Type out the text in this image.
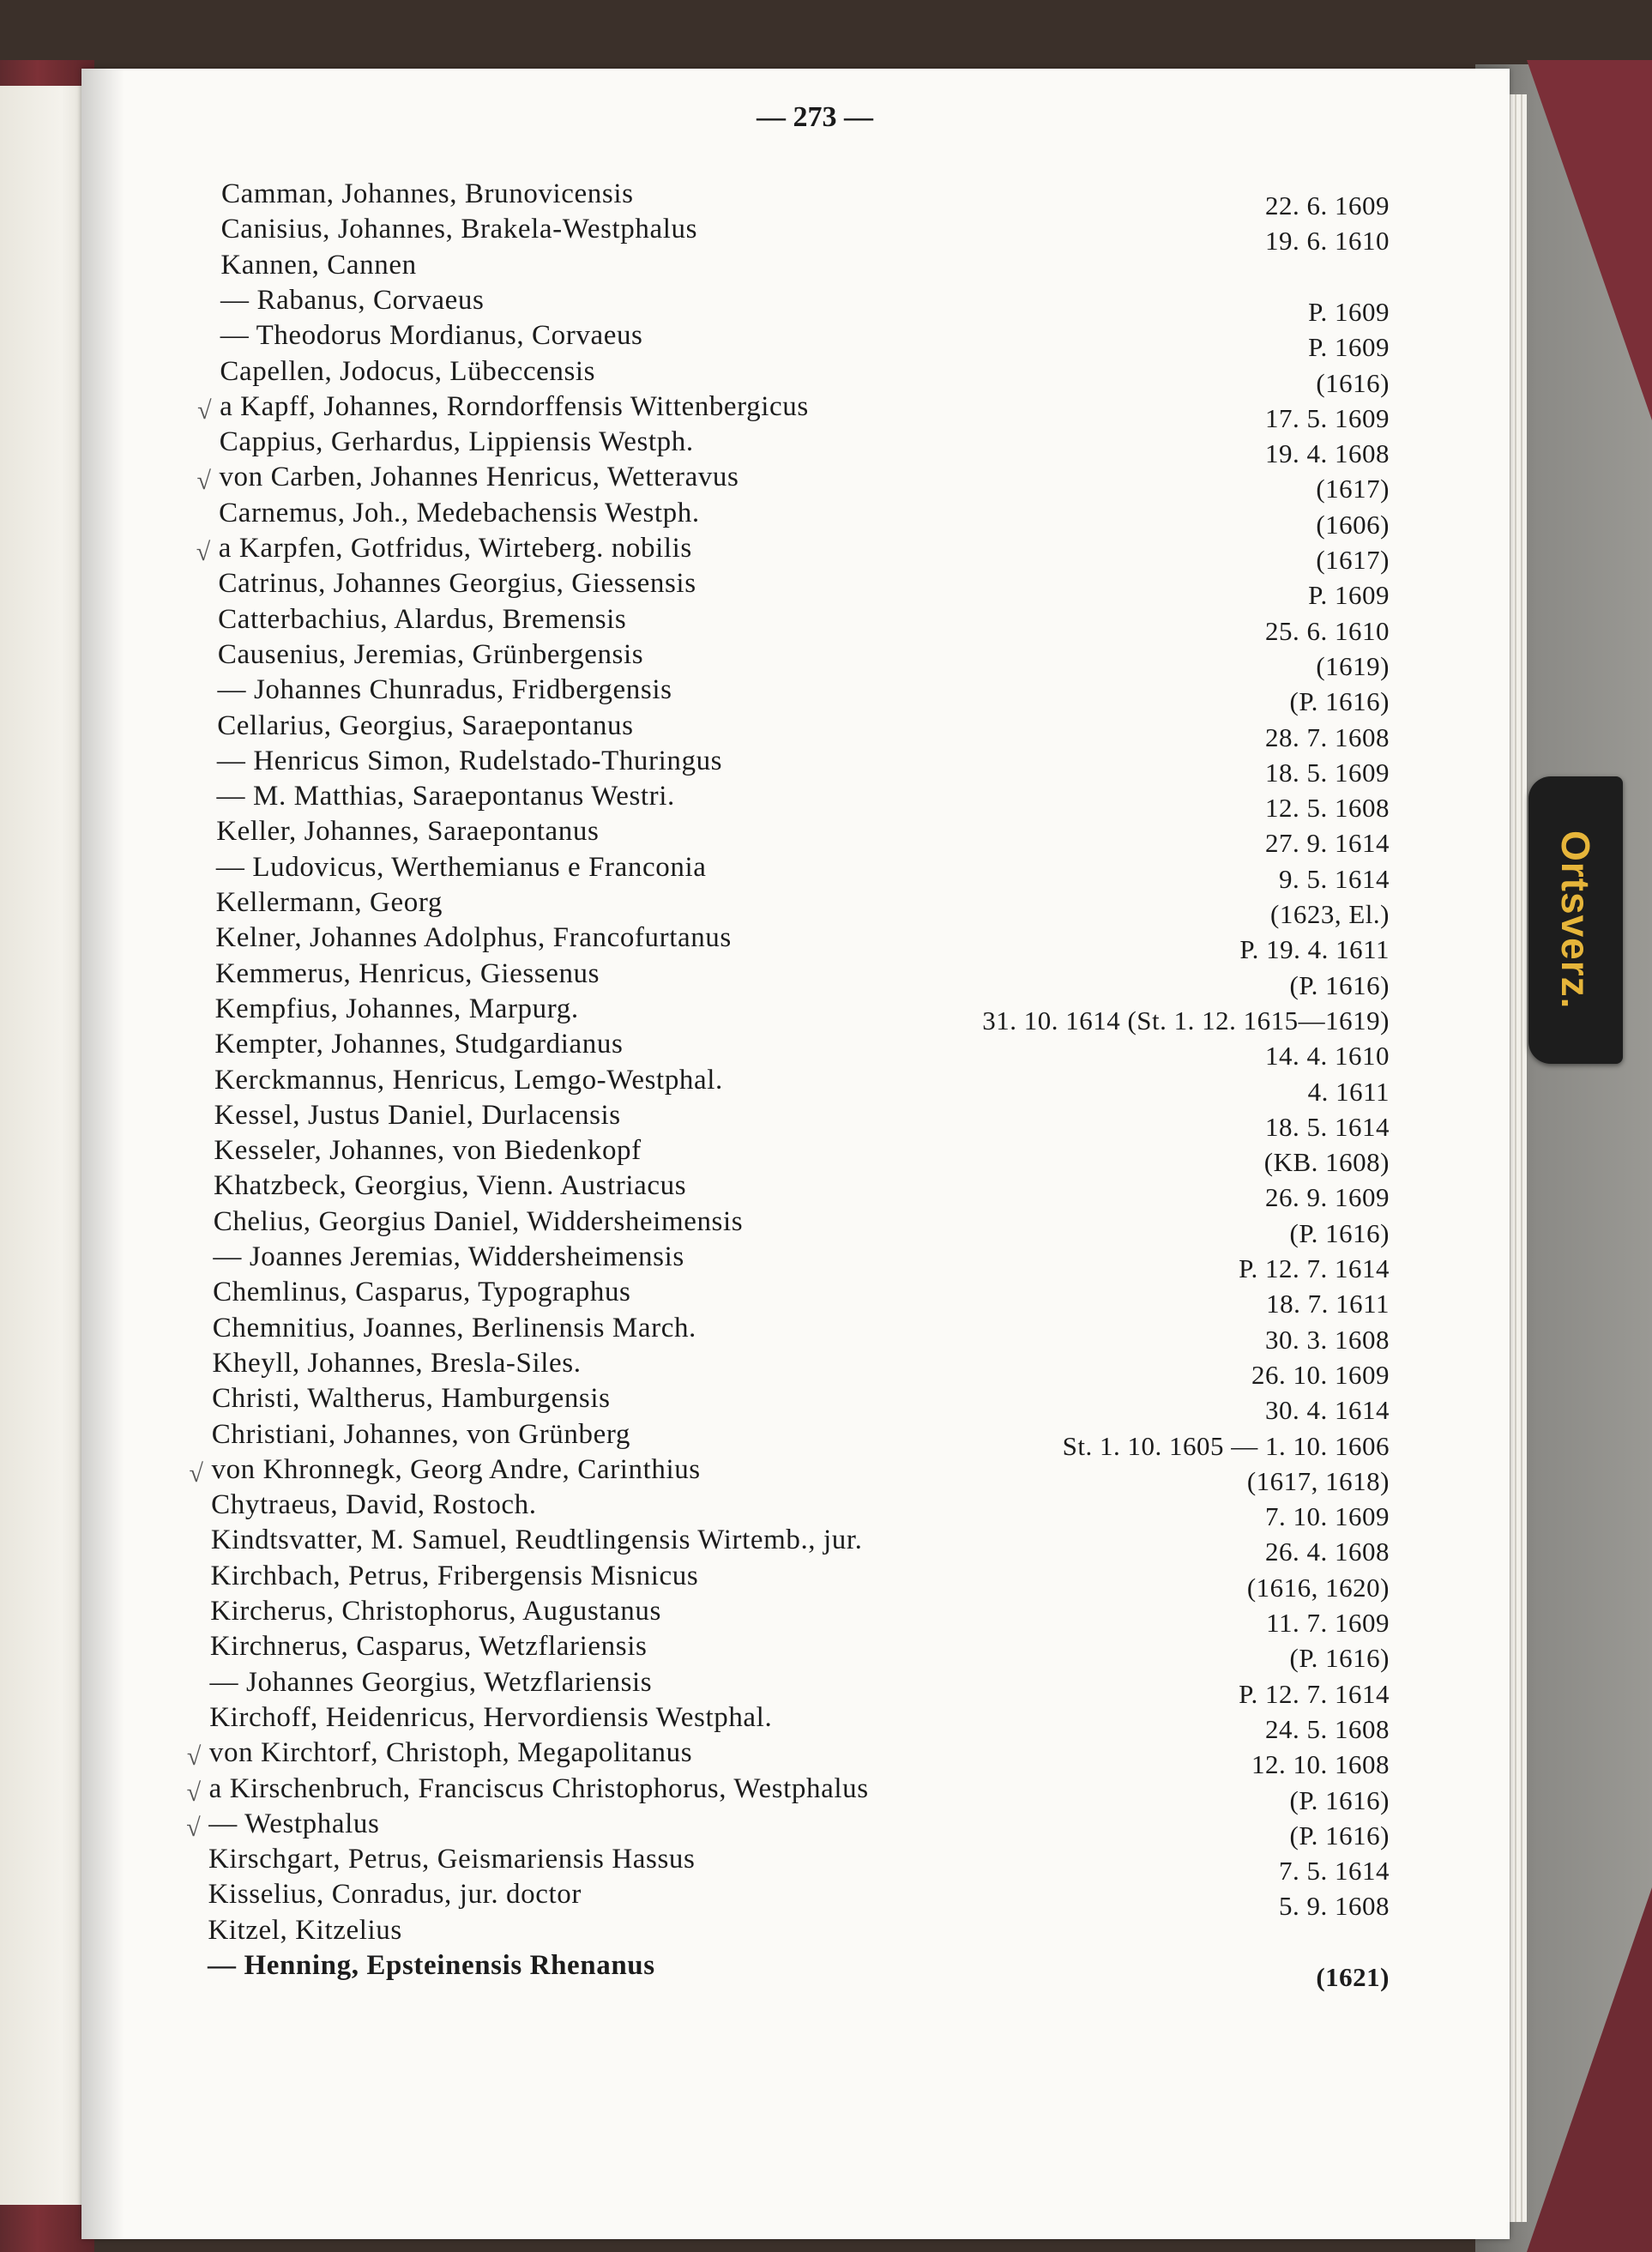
Ortsverz.
— 273 —
Camman, Johannes, Brunovicensis	22. 6. 1609
Canisius, Johannes, Brakela-Westphalus	19. 6. 1610
Kannen, Cannen
— Rabanus, Corvaeus	P. 1609
— Theodorus Mordianus, Corvaeus	P. 1609
Capellen, Jodocus, Lübeccensis	(1616)
√ a Kapff, Johannes, Rorndorffensis Wittenbergicus	17. 5. 1609
Cappius, Gerhardus, Lippiensis Westph.	19. 4. 1608
√ von Carben, Johannes Henricus, Wetteravus	(1617)
Carnemus, Joh., Medebachensis Westph.	(1606)
√ a Karpfen, Gotfridus, Wirteberg. nobilis	(1617)
Catrinus, Johannes Georgius, Giessensis	P. 1609
Catterbachius, Alardus, Bremensis	25. 6. 1610
Causenius, Jeremias, Grünbergensis	(1619)
— Johannes Chunradus, Fridbergensis	(P. 1616)
Cellarius, Georgius, Saraepontanus	28. 7. 1608
— Henricus Simon, Rudelstado-Thuringus	18. 5. 1609
— M. Matthias, Saraepontanus Westri.	12. 5. 1608
Keller, Johannes, Saraepontanus	27. 9. 1614
— Ludovicus, Werthemianus e Franconia	9. 5. 1614
Kellermann, Georg	(1623, El.)
Kelner, Johannes Adolphus, Francofurtanus	P. 19. 4. 1611
Kemmerus, Henricus, Giessenus	(P. 1616)
Kempfius, Johannes, Marpurg.	31. 10. 1614 (St. 1. 12. 1615—1619)
Kempter, Johannes, Studgardianus	14. 4. 1610
Kerckmannus, Henricus, Lemgo-Westphal.	4. 1611
Kessel, Justus Daniel, Durlacensis	18. 5. 1614
Kesseler, Johannes, von Biedenkopf	(KB. 1608)
Khatzbeck, Georgius, Vienn. Austriacus	26. 9. 1609
Chelius, Georgius Daniel, Widdersheimensis	(P. 1616)
— Joannes Jeremias, Widdersheimensis	P. 12. 7. 1614
Chemlinus, Casparus, Typographus	18. 7. 1611
Chemnitius, Joannes, Berlinensis March.	30. 3. 1608
Kheyll, Johannes, Bresla-Siles.	26. 10. 1609
Christi, Waltherus, Hamburgensis	30. 4. 1614
Christiani, Johannes, von Grünberg	St. 1. 10. 1605 — 1. 10. 1606
√ von Khronnegk, Georg Andre, Carinthius	(1617, 1618)
Chytraeus, David, Rostoch.	7. 10. 1609
Kindtsvatter, M. Samuel, Reudtlingensis Wirtemb., jur.	26. 4. 1608
Kirchbach, Petrus, Fribergensis Misnicus	(1616, 1620)
Kircherus, Christophorus, Augustanus	11. 7. 1609
Kirchnerus, Casparus, Wetzflariensis	(P. 1616)
— Johannes Georgius, Wetzflariensis	P. 12. 7. 1614
Kirchoff, Heidenricus, Hervordiensis Westphal.	24. 5. 1608
√ von Kirchtorf, Christoph, Megapolitanus	12. 10. 1608
√ a Kirschenbruch, Franciscus Christophorus, Westphalus	(P. 1616)
√ — Westphalus	(P. 1616)
Kirschgart, Petrus, Geismariensis Hassus	7. 5. 1614
Kisselius, Conradus, jur. doctor	5. 9. 1608
Kitzel, Kitzelius
— Henning, Epsteinensis Rhenanus	(1621)
